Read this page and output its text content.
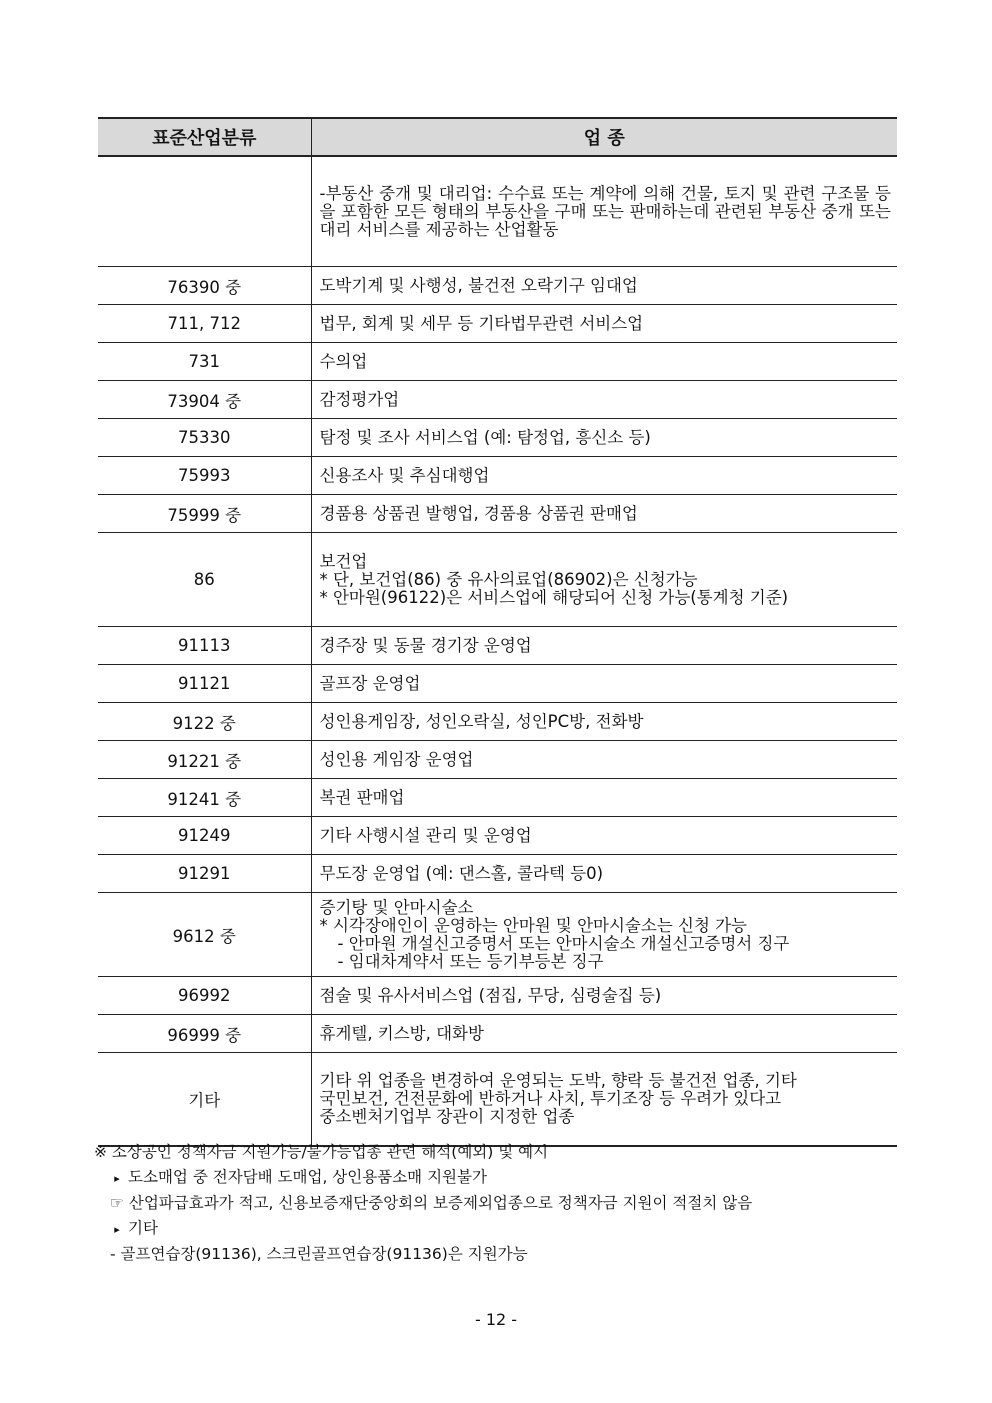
표준산업분류	업 종
	-부동산 중개 및 대리업: 수수료 또는 계약에 의해 건물, 토지 및 관련 구조물 등을 포함한 모든 형태의 부동산을 구매 또는 판매하는데 관련된 부동산 중개 또는 대리 서비스를 제공하는 산업활동
76390 중	도박기계 및 사행성, 불건전 오락기구 임대업
711, 712	법무, 회계 및 세무 등 기타법무관련 서비스업
731	수의업
73904 중	감정평가업
75330	탐정 및 조사 서비스업 (예: 탐정업, 흥신소 등)
75993	신용조사 및 추심대행업
75999 중	경품용 상품권 발행업, 경품용 상품권 판매업
86	보건업
* 단, 보건업(86) 중 유사의료업(86902)은 신청가능
* 안마원(96122)은 서비스업에 해당되어 신청 가능(통계청 기준)

91113	경주장 및 동물 경기장 운영업
91121	골프장 운영업
9122 중	성인용게임장, 성인오락실, 성인PC방, 전화방
91221 중	성인용 게임장 운영업
91241 중	복권 판매업
91249	기타 사행시설 관리 및 운영업
91291	무도장 운영업 (예: 댄스홀, 콜라텍 등0)
9612 중	증기탕 및 안마시술소
* 시각장애인이 운영하는 안마원 및 안마시술소는 신청 가능
- 안마원 개설신고증명서 또는 안마시술소 개설신고증명서 징구
- 임대차계약서 또는 등기부등본 징구

96992	점술 및 유사서비스업 (점집, 무당, 심령술집 등)
96999 중	휴게텔, 키스방, 대화방
기타	기타 위 업종을 변경하여 운영되는 도박, 향락 등 불건전 업종, 기타
국민보건, 건전문화에 반하거나 사치, 투기조장 등 우려가 있다고
중소벤처기업부 장관이 지정한 업종
※ 소상공인 정책자금 지원가능/불가능업종 관련 해석(예외) 및 예시
▸ 도소매업 중 전자담배 도매업, 상인용품소매 지원불가
☞ 산업파급효과가 적고, 신용보증재단중앙회의 보증제외업종으로 정책자금 지원이 적절치 않음
▸ 기타
- 골프연습장(91136), 스크린골프연습장(91136)은 지원가능
- 12 -
